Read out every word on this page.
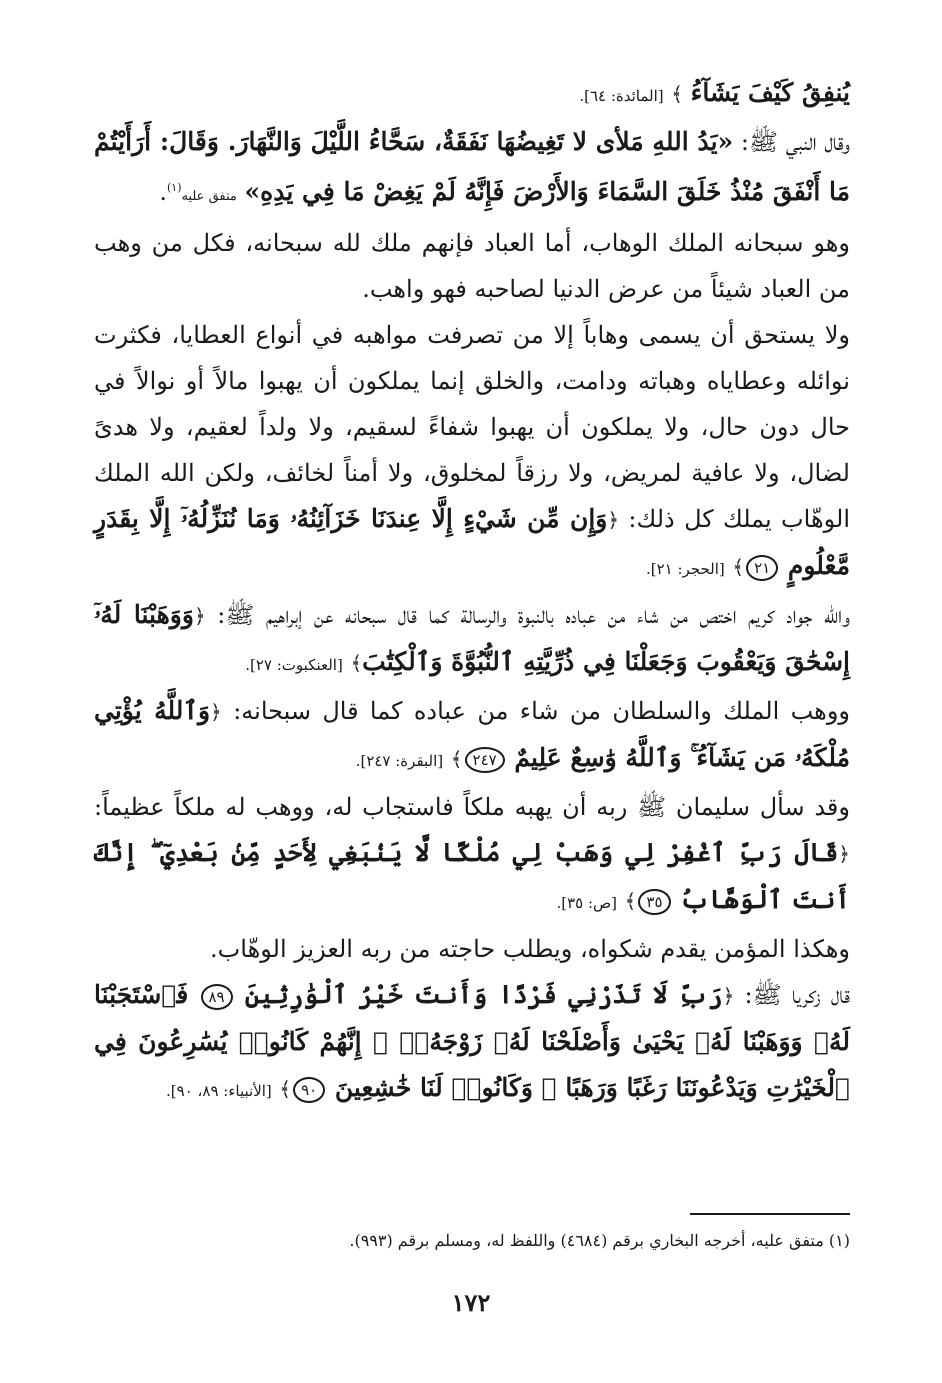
يُنفِقُ كَيْفَ يَشَآءُ ﴾ [المائدة: ٦٤].

وقال النبي ﷺ: «يَدُ اللهِ مَلأى لا تَغِيضُهَا نَفَقَةٌ، سَحَّاءُ اللَّيْلَ وَالنَّهَارَ. وَقَالَ: أَرَأَيْتُمْ مَا أَنْفَقَ مُنْذُ خَلَقَ السَّمَاءَ وَالأَرْضَ فَإِنَّهُ لَمْ يَغِضْ مَا فِي يَدِهِ» متفق عليه$^{(١)}$.

وهو سبحانه الملك الوهاب، أما العباد فإنهم ملك لله سبحانه، فكل من وهب من العباد شيئاً من عرض الدنيا لصاحبه فهو واهب.

ولا يستحق أن يسمى وهاباً إلا من تصرفت مواهبه في أنواع العطايا، فكثرت نوائله وعطاياه وهباته ودامت، والخلق إنما يملكون أن يهبوا مالاً أو نوالاً في حال دون حال، ولا يملكون أن يهبوا شفاءً لسقيم، ولا ولداً لعقيم، ولا هدىً لضال، ولا عافية لمريض، ولا رزقاً لمخلوق، ولا أمناً لخائف، ولكن الله الملك الوهّاب يملك كل ذلك: ﴿وَإِن مِّن شَيْءٍ إِلَّا عِندَنَا خَزَآئِنُهُۥ وَمَا نُنَزِّلُهُۥٓ إِلَّا بِقَدَرٍ مَّعْلُومٍ ٢١﴾ [الحجر: ٢١].

والله جواد كريم اختص من شاء من عباده بالنبوة والرسالة كما قال سبحانه عن إبراهيم ﷺ: ﴿وَوَهَبْنَا لَهُۥٓ إِسْحَٰقَ وَيَعْقُوبَ وَجَعَلْنَا فِي ذُرِّيَّتِهِ ٱلنُّبُوَّةَ وَٱلْكِتَٰبَ﴾ [العنكبوت: ٢٧].

ووهب الملك والسلطان من شاء من عباده كما قال سبحانه: ﴿وَٱللَّهُ يُؤْتِي مُلْكَهُۥ مَن يَشَآءُ ۚ وَٱللَّهُ وَٰسِعٌ عَلِيمٌ ٢٤٧﴾ [البقرة: ٢٤٧].

وقد سأل سليمان ﷺ ربه أن يهبه ملكاً فاستجاب له، ووهب له ملكاً عظيماً: ﴿قَالَ رَبِّ ٱغْفِرْ لِي وَهَبْ لِي مُلْكًا لَّا يَنۢبَغِي لِأَحَدٍ مِّنۢ بَعْدِيٓ ۖ إِنَّكَ أَنتَ ٱلْوَهَّابُ ٣٥﴾ [ص: ٣٥].

وهكذا المؤمن يقدم شكواه، ويطلب حاجته من ربه العزيز الوهّاب.

قال زكريا ﷺ: ﴿رَبِّ لَا تَذَرْنِي فَرْدًا وَأَنتَ خَيْرُ ٱلْوَٰرِثِينَ ٨٩ فَٱسْتَجَبْنَا لَهُۥ وَوَهَبْنَا لَهُۥ يَحْيَىٰ وَأَصْلَحْنَا لَهُۥ زَوْجَهُۥٓ ۚ إِنَّهُمْ كَانُوا۟ يُسَٰرِعُونَ فِي ٱلْخَيْرَٰتِ وَيَدْعُونَنَا رَغَبًا وَرَهَبًا ۖ وَكَانُوا۟ لَنَا خَٰشِعِينَ ٩٠﴾ [الأنبياء: ٨٩، ٩٠].

(١) متفق عليه، أخرجه البخاري برقم (٤٦٨٤) واللفظ له، ومسلم برقم (٩٩٣).
١٧٢
